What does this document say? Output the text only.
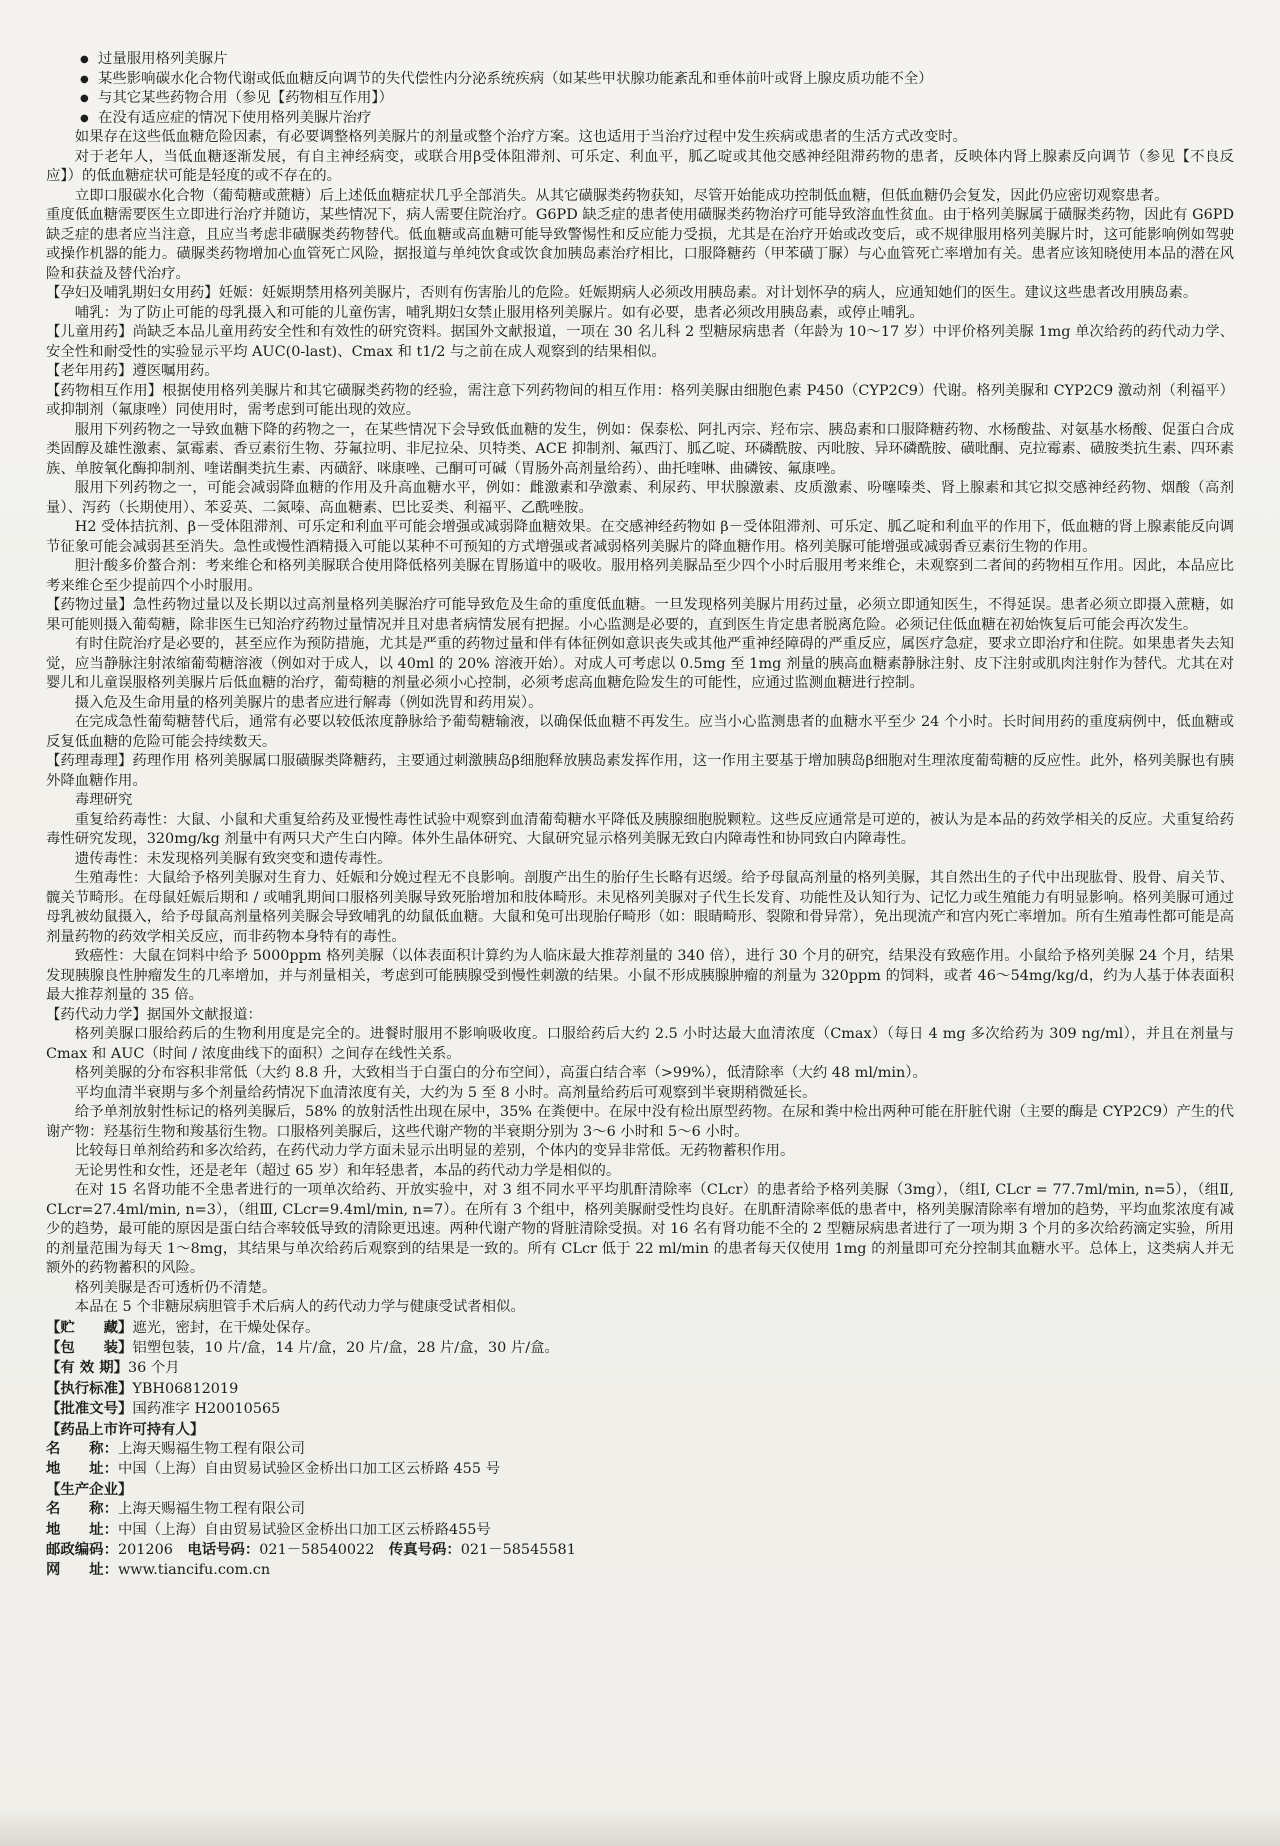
● 过量服用格列美脲片
● 某些影响碳水化合物代谢或低血糖反向调节的失代偿性内分泌系统疾病（如某些甲状腺功能紊乱和垂体前叶或肾上腺皮质功能不全）
● 与其它某些药物合用（参见【药物相互作用】）
● 在没有适应症的情况下使用格列美脲片治疗

如果存在这些低血糖危险因素，有必要调整格列美脲片的剂量或整个治疗方案。这也适用于当治疗过程中发生疾病或患者的生活方式改变时。

对于老年人，当低血糖逐渐发展，有自主神经病变，或联合用β受体阻滞剂、可乐定、利血平，胍乙啶或其他交感神经阻滞药物的患者，反映体内肾上腺素反向调节（参见【不良反应】）的低血糖症状可能是轻度的或不存在的。

立即口服碳水化合物（葡萄糖或蔗糖）后上述低血糖症状几乎全部消失。从其它磺脲类药物获知，尽管开始能成功控制低血糖，但低血糖仍会复发，因此仍应密切观察患者。

重度低血糖需要医生立即进行治疗并随访，某些情况下，病人需要住院治疗。G6PD 缺乏症的患者使用磺脲类药物治疗可能导致溶血性贫血。由于格列美脲属于磺脲类药物，因此有 G6PD 缺乏症的患者应当注意，且应当考虑非磺脲类药物替代。低血糖或高血糖可能导致警惕性和反应能力受损，尤其是在治疗开始或改变后，或不规律服用格列美脲片时，这可能影响例如驾驶或操作机器的能力。磺脲类药物增加心血管死亡风险，据报道与单纯饮食或饮食加胰岛素治疗相比，口服降糖药（甲苯磺丁脲）与心血管死亡率增加有关。患者应该知晓使用本品的潜在风险和获益及替代治疗。

【孕妇及哺乳期妇女用药】妊娠：妊娠期禁用格列美脲片，否则有伤害胎儿的危险。妊娠期病人必须改用胰岛素。对计划怀孕的病人，应通知她们的医生。建议这些患者改用胰岛素。

哺乳：为了防止可能的母乳摄入和可能的儿童伤害，哺乳期妇女禁止服用格列美脲片。如有必要，患者必须改用胰岛素，或停止哺乳。

【儿童用药】尚缺乏本品儿童用药安全性和有效性的研究资料。据国外文献报道，一项在 30 名儿科 2 型糖尿病患者（年龄为 10～17 岁）中评价格列美脲 1mg 单次给药的药代动力学、安全性和耐受性的实验显示平均 AUC(0-last)、Cmax 和 t1/2 与之前在成人观察到的结果相似。

【老年用药】遵医嘱用药。

【药物相互作用】根据使用格列美脲片和其它磺脲类药物的经验，需注意下列药物间的相互作用：格列美脲由细胞色素 P450（CYP2C9）代谢。格列美脲和 CYP2C9 激动剂（利福平）或抑制剂（氟康唑）同使用时，需考虑到可能出现的效应。

服用下列药物之一导致血糖下降的药物之一，在某些情况下会导致低血糖的发生，例如：保泰松、阿扎丙宗、羟布宗、胰岛素和口服降糖药物、水杨酸盐、对氨基水杨酸、促蛋白合成类固醇及雄性激素、氯霉素、香豆素衍生物、芬氟拉明、非尼拉朵、贝特类、ACE 抑制剂、氟西汀、胍乙啶、环磷酰胺、丙吡胺、异环磷酰胺、磺吡酮、克拉霉素、磺胺类抗生素、四环素族、单胺氧化酶抑制剂、喹诺酮类抗生素、丙磺舒、咪康唑、己酮可可碱（胃肠外高剂量给药）、曲托喹啉、曲磷铵、氟康唑。

服用下列药物之一，可能会减弱降血糖的作用及升高血糖水平，例如：雌激素和孕激素、利尿药、甲状腺激素、皮质激素、吩噻嗪类、肾上腺素和其它拟交感神经药物、烟酸（高剂量）、泻药（长期使用）、苯妥英、二氮嗪、高血糖素、巴比妥类、利福平、乙酰唑胺。

H2 受体拮抗剂、β－受体阻滞剂、可乐定和利血平可能会增强或减弱降血糖效果。在交感神经药物如 β－受体阻滞剂、可乐定、胍乙啶和利血平的作用下，低血糖的肾上腺素能反向调节征象可能会减弱甚至消失。急性或慢性酒精摄入可能以某种不可预知的方式增强或者减弱格列美脲片的降血糖作用。格列美脲可能增强或减弱香豆素衍生物的作用。

胆汁酸多价螯合剂：考来维仑和格列美脲联合使用降低格列美脲在胃肠道中的吸收。服用格列美脲品至少四个小时后服用考来维仑，未观察到二者间的药物相互作用。因此，本品应比考来维仑至少提前四个小时服用。

【药物过量】急性药物过量以及长期以过高剂量格列美脲治疗可能导致危及生命的重度低血糖。一旦发现格列美脲片用药过量，必须立即通知医生，不得延误。患者必须立即摄入蔗糖，如果可能则摄入葡萄糖，除非医生已知治疗药物过量情况并且对患者病情发展有把握。小心监测是必要的，直到医生肯定患者脱离危险。必须记住低血糖在初始恢复后可能会再次发生。

有时住院治疗是必要的，甚至应作为预防措施，尤其是严重的药物过量和伴有体征例如意识丧失或其他严重神经障碍的严重反应，属医疗急症，要求立即治疗和住院。如果患者失去知觉，应当静脉注射浓缩葡萄糖溶液（例如对于成人，以 40ml 的 20% 溶液开始）。对成人可考虑以 0.5mg 至 1mg 剂量的胰高血糖素静脉注射、皮下注射或肌肉注射作为替代。尤其在对婴儿和儿童误服格列美脲片后低血糖的治疗，葡萄糖的剂量必须小心控制，必须考虑高血糖危险发生的可能性，应通过监测血糖进行控制。

摄入危及生命用量的格列美脲片的患者应进行解毒（例如洗胃和药用炭）。

在完成急性葡萄糖替代后，通常有必要以较低浓度静脉给予葡萄糖输液，以确保低血糖不再发生。应当小心监测患者的血糖水平至少 24 个小时。长时间用药的重度病例中，低血糖或反复低血糖的危险可能会持续数天。

【药理毒理】药理作用 格列美脲属口服磺脲类降糖药，主要通过刺激胰岛β细胞释放胰岛素发挥作用，这一作用主要基于增加胰岛β细胞对生理浓度葡萄糖的反应性。此外，格列美脲也有胰外降血糖作用。

毒理研究

重复给药毒性：大鼠、小鼠和犬重复给药及亚慢性毒性试验中观察到血清葡萄糖水平降低及胰腺细胞脱颗粒。这些反应通常是可逆的，被认为是本品的药效学相关的反应。犬重复给药毒性研究发现，320mg/kg 剂量中有两只犬产生白内障。体外生晶体研究、大鼠研究显示格列美脲无致白内障毒性和协同致白内障毒性。

遗传毒性：未发现格列美脲有致突变和遗传毒性。

生殖毒性：大鼠给予格列美脲对生育力、妊娠和分娩过程无不良影响。剖腹产出生的胎仔生长略有迟缓。给予母鼠高剂量的格列美脲，其自然出生的子代中出现肱骨、股骨、肩关节、髋关节畸形。在母鼠妊娠后期和 / 或哺乳期间口服格列美脲导致死胎增加和肢体畸形。未见格列美脲对子代生长发育、功能性及认知行为、记忆力或生殖能力有明显影响。格列美脲可通过母乳被幼鼠摄入，给予母鼠高剂量格列美脲会导致哺乳的幼鼠低血糖。大鼠和兔可出现胎仔畸形（如：眼睛畸形、裂隙和骨异常），免出现流产和宫内死亡率增加。所有生殖毒性都可能是高剂量药物的药效学相关反应，而非药物本身特有的毒性。

致癌性：大鼠在饲料中给予 5000ppm 格列美脲（以体表面积计算约为人临床最大推荐剂量的 340 倍），进行 30 个月的研究，结果没有致癌作用。小鼠给予格列美脲 24 个月，结果发现胰腺良性肿瘤发生的几率增加，并与剂量相关，考虑到可能胰腺受到慢性刺激的结果。小鼠不形成胰腺肿瘤的剂量为 320ppm 的饲料，或者 46～54mg/kg/d，约为人基于体表面积最大推荐剂量的 35 倍。

【药代动力学】据国外文献报道：

格列美脲口服给药后的生物利用度是完全的。进餐时服用不影响吸收度。口服给药后大约 2.5 小时达最大血清浓度（Cmax）（每日 4 mg 多次给药为 309 ng/ml），并且在剂量与 Cmax 和 AUC（时间 / 浓度曲线下的面积）之间存在线性关系。

格列美脲的分布容积非常低（大约 8.8 升，大致相当于白蛋白的分布空间），高蛋白结合率（>99%），低清除率（大约 48 ml/min）。

平均血清半衰期与多个剂量给药情况下血清浓度有关，大约为 5 至 8 小时。高剂量给药后可观察到半衰期稍微延长。

给予单剂放射性标记的格列美脲后，58% 的放射活性出现在尿中，35% 在粪便中。在尿中没有检出原型药物。在尿和粪中检出两种可能在肝脏代谢（主要的酶是 CYP2C9）产生的代谢产物：羟基衍生物和羧基衍生物。口服格列美脲后，这些代谢产物的半衰期分别为 3～6 小时和 5～6 小时。

比较每日单剂给药和多次给药，在药代动力学方面未显示出明显的差别，个体内的变异非常低。无药物蓄积作用。

无论男性和女性，还是老年（超过 65 岁）和年轻患者，本品的药代动力学是相似的。

在对 15 名肾功能不全患者进行的一项单次给药、开放实验中，对 3 组不同水平平均肌酐清除率（CLcr）的患者给予格列美脲（3mg），（组Ⅰ, CLcr = 77.7ml/min, n=5），（组Ⅱ, CLcr=27.4ml/min, n=3），（组Ⅲ, CLcr=9.4ml/min, n=7）。在所有 3 个组中，格列美脲耐受性均良好。在肌酐清除率低的患者中，格列美脲清除率有增加的趋势，平均血浆浓度有减少的趋势，最可能的原因是蛋白结合率较低导致的清除更迅速。两种代谢产物的肾脏清除受损。对 16 名有肾功能不全的 2 型糖尿病患者进行了一项为期 3 个月的多次给药滴定实验，所用的剂量范围为每天 1～8mg，其结果与单次给药后观察到的结果是一致的。所有 CLcr 低于 22 ml/min 的患者每天仅使用 1mg 的剂量即可充分控制其血糖水平。总体上，这类病人并无额外的药物蓄积的风险。

格列美脲是否可透析仍不清楚。

本品在 5 个非糖尿病胆管手术后病人的药代动力学与健康受试者相似。

【贮　　藏】遮光，密封，在干燥处保存。

【包　　装】铝塑包装，10 片/盒，14 片/盒，20 片/盒，28 片/盒，30 片/盒。

【有 效 期】36 个月

【执行标准】YBH06812019

【批准文号】国药准字 H20010565

【药品上市许可持有人】

名　　称：上海天赐福生物工程有限公司

地　　址：中国（上海）自由贸易试验区金桥出口加工区云桥路 455 号

【生产企业】

名　　称：上海天赐福生物工程有限公司

地　　址：中国（上海）自由贸易试验区金桥出口加工区云桥路455号

邮政编码：201206　 电话号码：021－58540022　 传真号码：021－58545581

网　　址：www.tiancifu.com.cn
